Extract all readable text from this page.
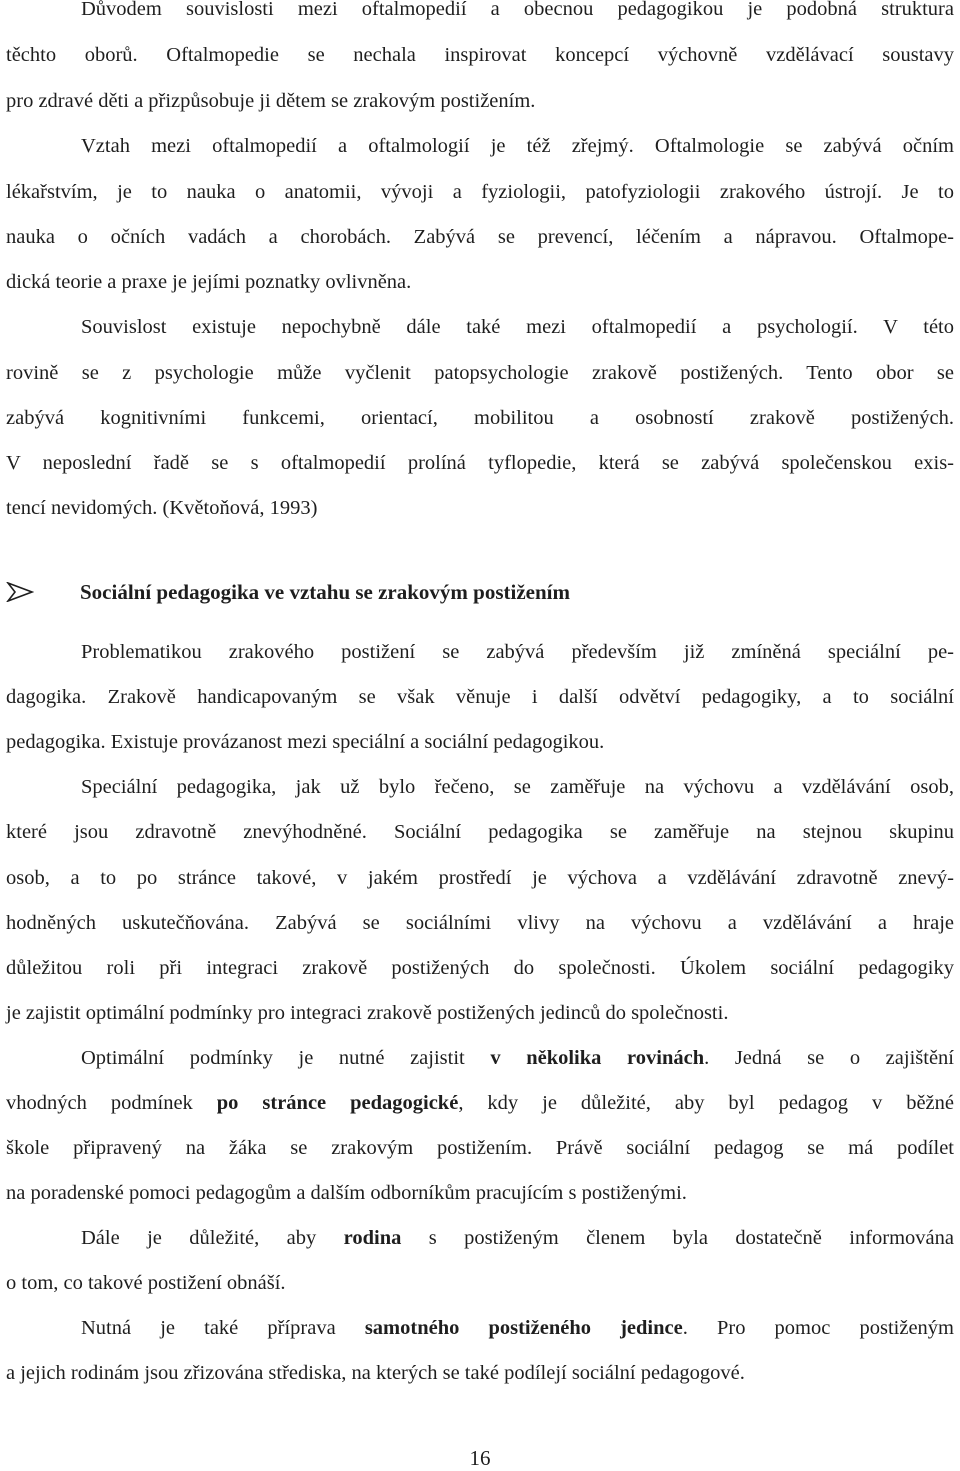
Důvodem souvislosti mezi oftalmopedií a obecnou pedagogikou je podobná struktura
těchto oborů. Oftalmopedie se nechala inspirovat koncepcí výchovně vzdělávací soustavy
pro zdravé děti a přizpůsobuje ji dětem se zrakovým postižením.
Vztah mezi oftalmopedií a oftalmologií je též zřejmý. Oftalmologie se zabývá očním
lékařstvím, je to nauka o anatomii, vývoji a fyziologii, patofyziologii zrakového ústrojí. Je to
nauka o očních vadách a chorobách. Zabývá se prevencí, léčením a nápravou. Oftalmope-
dická teorie a praxe je jejími poznatky ovlivněna.
Souvislost existuje nepochybně dále také mezi oftalmopedií a psychologií. V této
rovině se z psychologie může vyčlenit patopsychologie zrakově postižených. Tento obor se
zabývá kognitivními funkcemi, orientací, mobilitou a osobností zrakově postižených.
V neposlední řadě se s oftalmopedií prolíná tyflopedie, která se zabývá společenskou exis-
tencí nevidomých. (Květoňová, 1993)
Sociální pedagogika ve vztahu se zrakovým postižením
Problematikou zrakového postižení se zabývá především již zmíněná speciální pe-
dagogika. Zrakově handicapovaným se však věnuje i další odvětví pedagogiky, a to sociální
pedagogika. Existuje provázanost mezi speciální a sociální pedagogikou.
Speciální pedagogika, jak už bylo řečeno, se zaměřuje na výchovu a vzdělávání osob,
které jsou zdravotně znevýhodněné. Sociální pedagogika se zaměřuje na stejnou skupinu
osob, a to po stránce takové, v jakém prostředí je výchova a vzdělávání zdravotně znevý-
hodněných uskutečňována. Zabývá se sociálními vlivy na výchovu a vzdělávání a hraje
důležitou roli při integraci zrakově postižených do společnosti. Úkolem sociální pedagogiky
je zajistit optimální podmínky pro integraci zrakově postižených jedinců do společnosti.
Optimální podmínky je nutné zajistit v několika rovinách. Jedná se o zajištění
vhodných podmínek po stránce pedagogické, kdy je důležité, aby byl pedagog v běžné
škole připravený na žáka se zrakovým postižením. Právě sociální pedagog se má podílet
na poradenské pomoci pedagogům a dalším odborníkům pracujícím s postiženými.
Dále je důležité, aby rodina s postiženým členem byla dostatečně informována
o tom, co takové postižení obnáší.
Nutná je také příprava samotného postiženého jedince. Pro pomoc postiženým
a jejich rodinám jsou zřizována střediska, na kterých se také podílejí sociální pedagogové.
16
